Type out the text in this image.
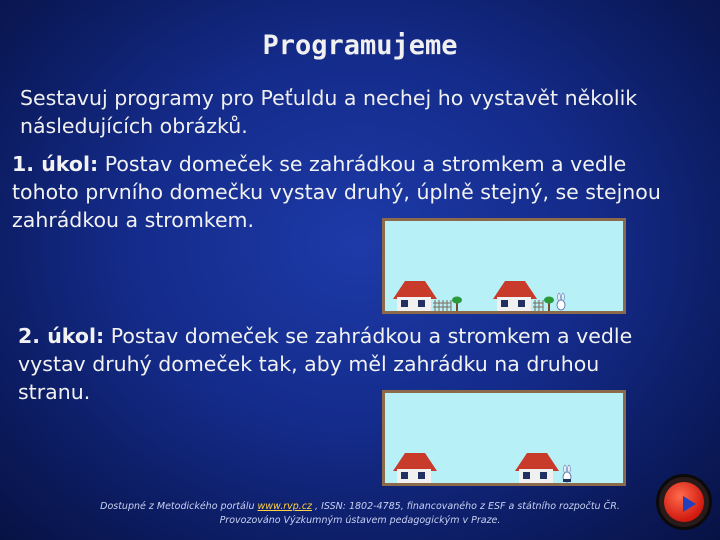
Programujeme
Sestavuj programy pro Peťuldu a nechej ho vystavět několik následujících obrázků.
1. úkol: Postav domeček se zahrádkou a stromkem a vedle tohoto prvního domečku vystav druhý, úplně stejný, se stejnou zahrádkou a stromkem.
2. úkol: Postav domeček se zahrádkou a stromkem a vedle vystav druhý domeček tak, aby měl zahrádku na druhou stranu.
Dostupné z Metodického portálu www.rvp.cz , ISSN: 1802-4785, financovaného z ESF a státního rozpočtu ČR.
Provozováno Výzkumným ústavem pedagogickým v Praze.
